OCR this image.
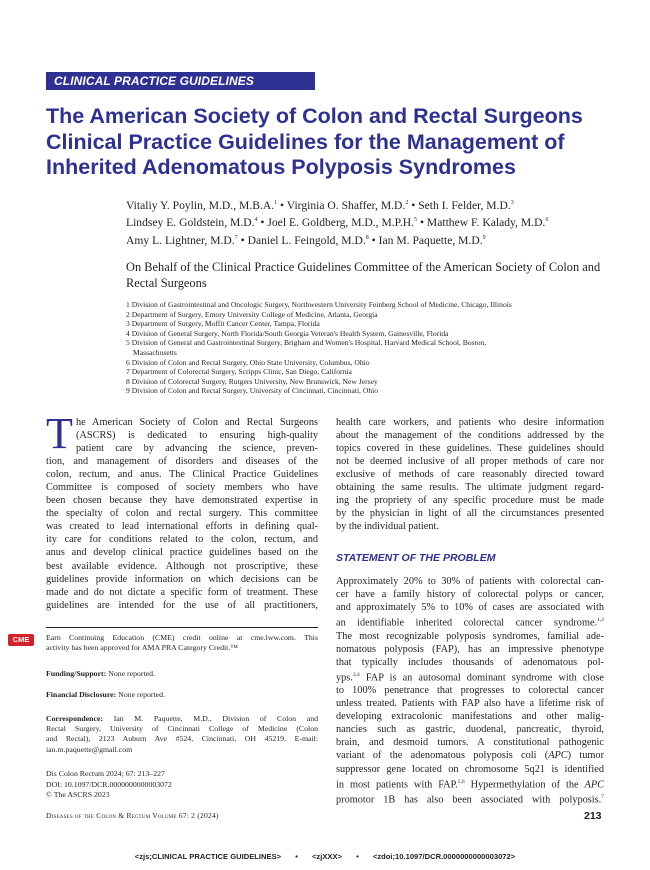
CLINICAL PRACTICE GUIDELINES
The American Society of Colon and Rectal Surgeons
Clinical Practice Guidelines for the Management of
Inherited Adenomatous Polyposis Syndromes
Vitaliy Y. Poylin, M.D., M.B.A.$^1$ • Virginia O. Shaffer, M.D.$^2$ • Seth I. Felder, M.D.$^3$
Lindsey E. Goldstein, M.D.$^4$ • Joel E. Goldberg, M.D., M.P.H.$^5$ • Matthew F. Kalady, M.D.$^6$
Amy L. Lightner, M.D.$^7$ • Daniel L. Feingold, M.D.$^8$ • Ian M. Paquette, M.D.$^9$
On Behalf of the Clinical Practice Guidelines Committee of the American Society of Colon and Rectal Surgeons
1 Division of Gastrointestinal and Oncologic Surgery, Northwestern University Feinberg School of Medicine, Chicago, Illinois
2 Department of Surgery, Emory University College of Medicine, Atlanta, Georgia
3 Department of Surgery, Moffit Cancer Center, Tampa, Florida
4 Division of General Surgery, North Florida/South Georgia Veteran's Health System, Gainesville, Florida
5 Division of General and Gastrointestinal Surgery, Brigham and Women's Hospital, Harvard Medical School, Boston,
Massachusetts
6 Division of Colon and Rectal Surgery, Ohio State University, Columbus, Ohio
7 Department of Colorectal Surgery, Scripps Clinic, San Diego, California
8 Division of Colorectal Surgery, Rutgers University, New Brunswick, New Jersey
9 Division of Colon and Rectal Surgery, University of Cincinnati, Cincinnati, Ohio
T he American Society of Colon and Rectal Surgeons
(ASCRS) is dedicated to ensuring high-quality
patient care by advancing the science, preven-
tion, and management of disorders and diseases of the
colon, rectum, and anus. The Clinical Practice Guidelines
Committee is composed of society members who have
been chosen because they have demonstrated expertise in
the specialty of colon and rectal surgery. This committee
was created to lead international efforts in defining qual-
ity care for conditions related to the colon, rectum, and
anus and develop clinical practice guidelines based on the
best available evidence. Although not proscriptive, these
guidelines provide information on which decisions can be
made and do not dictate a specific form of treatment. These
guidelines are intended for the use of all practitioners,
health care workers, and patients who desire information
about the management of the conditions addressed by the
topics covered in these guidelines. These guidelines should
not be deemed inclusive of all proper methods of care nor
exclusive of methods of care reasonably directed toward
obtaining the same results. The ultimate judgment regard-
ing the propriety of any specific procedure must be made
by the physician in light of all the circumstances presented
by the individual patient.
STATEMENT OF THE PROBLEM
Approximately 20% to 30% of patients with colorectal can-
cer have a family history of colorectal polyps or cancer,
and approximately 5% to 10% of cases are associated with
an identifiable inherited colorectal cancer syndrome.$^{1,2}$
The most recognizable polyposis syndromes, familial ade-
nomatous polyposis (FAP), has an impressive phenotype
that typically includes thousands of adenomatous pol-
yps.$^{3,4}$ FAP is an autosomal dominant syndrome with close
to 100% penetrance that progresses to colorectal cancer
unless treated. Patients with FAP also have a lifetime risk of
developing extracolonic manifestations and other malig-
nancies such as gastric, duodenal, pancreatic, thyroid,
brain, and desmoid tumors. A constitutional pathogenic
variant of the adenomatous polyposis coli (APC) tumor
suppressor gene located on chromosome 5q21 is identified
in most patients with FAP.$^{5,6}$ Hypermethylation of the APC
promotor 1B has also been associated with polyposis.$^7$
CME	Earn Continuing Education (CME) credit online at cme.lww.com. This
activity has been approved for AMA PRA Category Credit.™
Funding/Support: None reported.
Financial Disclosure: None reported.
Correspondence: Ian M. Paquette, M.D., Division of Colon and
Rectal Surgery, University of Cincinnati College of Medicine (Colon
and Rectal), 2123 Auburn Ave #524, Cincinnati, OH 45219. E-mail:
ian.m.paquette@gmail.com
Dis Colon Rectum 2024; 67: 213–227
DOI: 10.1097/DCR.0000000000003072
© The ASCRS 2023
Diseases of the Colon & Rectum Volume 67: 2 (2024)	213
<zjs;CLINICAL PRACTICE GUIDELINES> • <zjXXX> • <zdoi;10.1097/DCR.0000000000003072>
